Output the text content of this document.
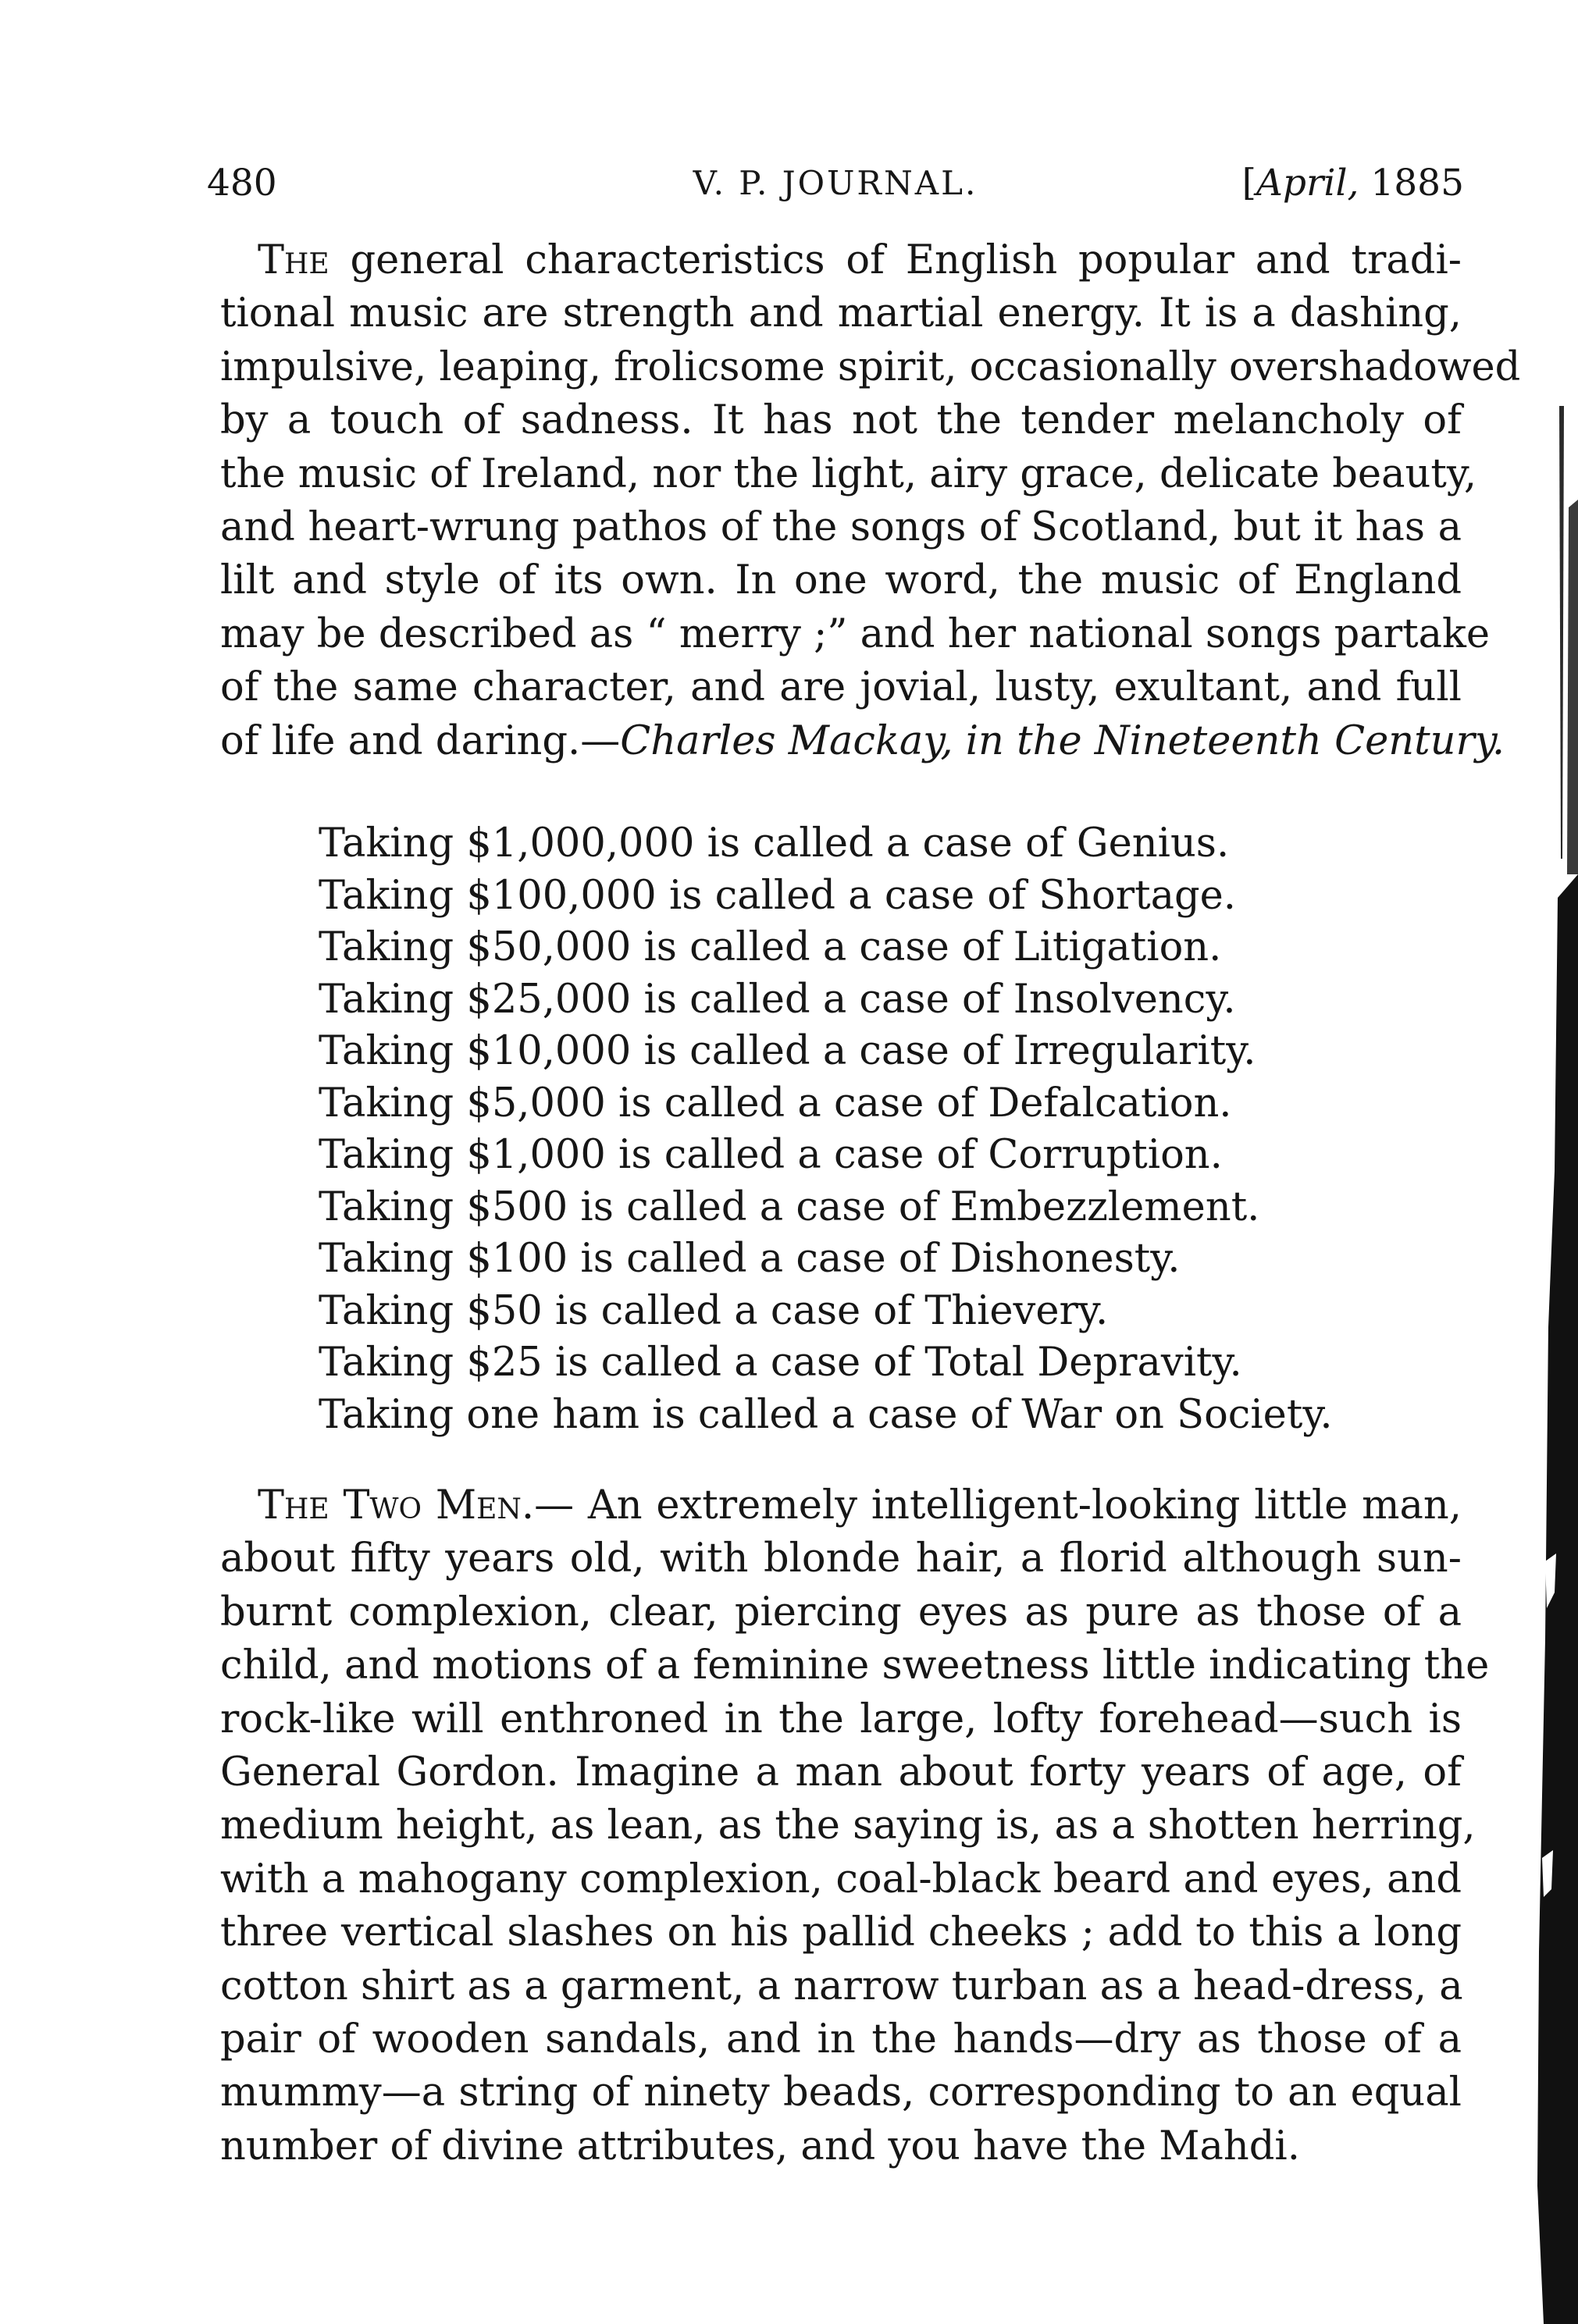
480	V. P. JOURNAL.	[April, 1885

The general characteristics of English popular and tradi-
tional music are strength and martial energy. It is a dashing,
impulsive, leaping, frolicsome spirit, occasionally overshadowed
by a touch of sadness. It has not the tender melancholy of
the music of Ireland, nor the light, airy grace, delicate beauty,
and heart-wrung pathos of the songs of Scotland, but it has a
lilt and style of its own. In one word, the music of England
may be described as “ merry ;” and her national songs partake
of the same character, and are jovial, lusty, exultant, and full
of life and daring.—Charles Mackay, in the Nineteenth Century.

Taking $1,000,000 is called a case of Genius.
Taking $100,000 is called a case of Shortage.
Taking $50,000 is called a case of Litigation.
Taking $25,000 is called a case of Insolvency.
Taking $10,000 is called a case of Irregularity.
Taking $5,000 is called a case of Defalcation.
Taking $1,000 is called a case of Corruption.
Taking $500 is called a case of Embezzlement.
Taking $100 is called a case of Dishonesty.
Taking $50 is called a case of Thievery.
Taking $25 is called a case of Total Depravity.
Taking one ham is called a case of War on Society.

The Two Men.— An extremely intelligent-looking little man,
about fifty years old, with blonde hair, a florid although sun-
burnt complexion, clear, piercing eyes as pure as those of a
child, and motions of a feminine sweetness little indicating the
rock-like will enthroned in the large, lofty forehead—such is
General Gordon. Imagine a man about forty years of age, of
medium height, as lean, as the saying is, as a shotten herring,
with a mahogany complexion, coal-black beard and eyes, and
three vertical slashes on his pallid cheeks ; add to this a long
cotton shirt as a garment, a narrow turban as a head-dress, a
pair of wooden sandals, and in the hands—dry as those of a
mummy—a string of ninety beads, corresponding to an equal
number of divine attributes, and you have the Mahdi.
